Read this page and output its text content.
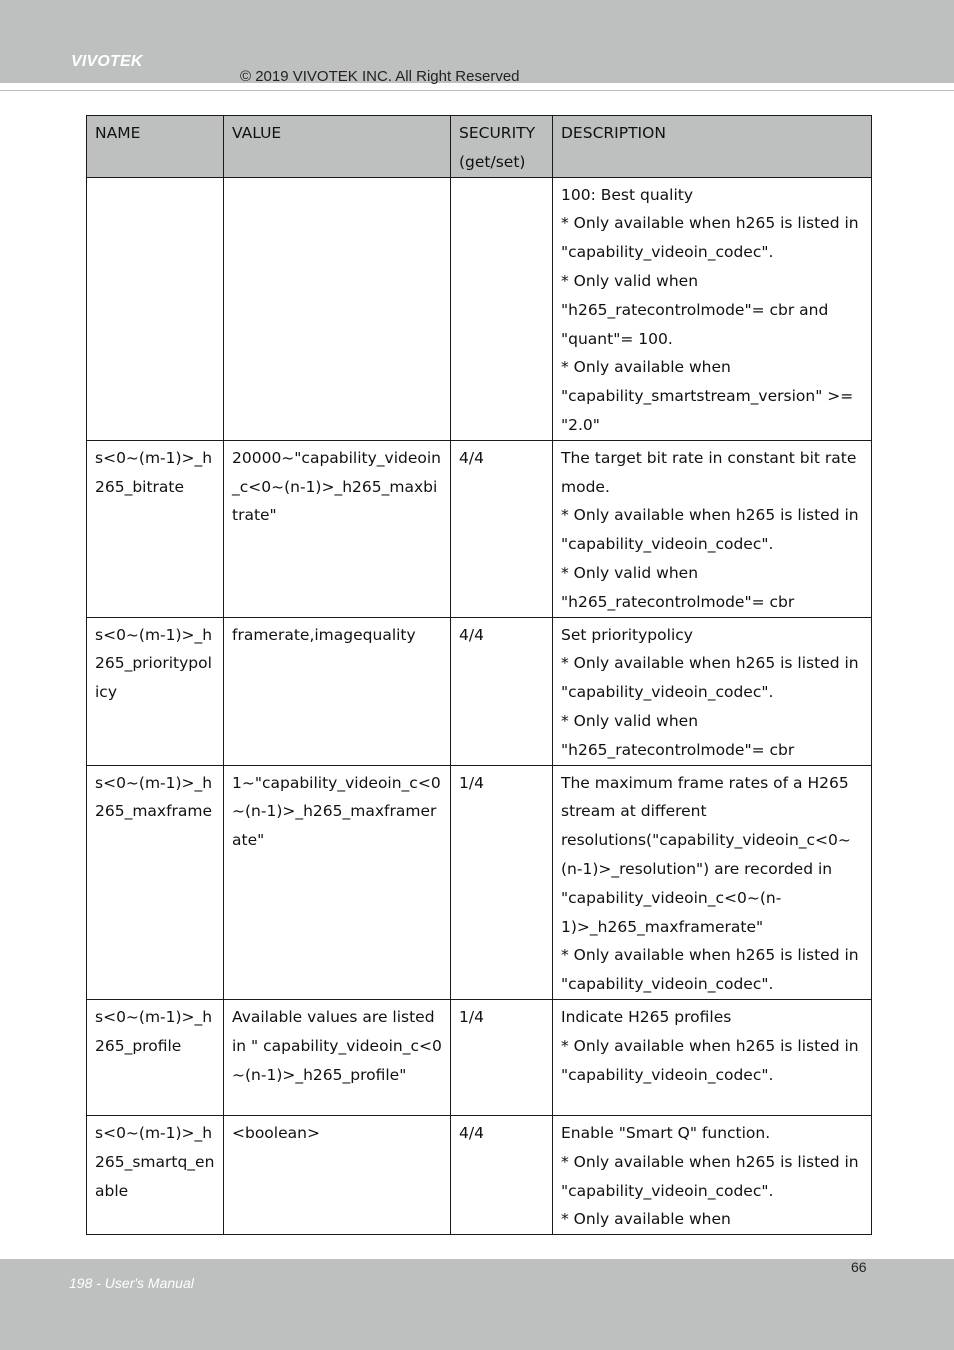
VIVOTEK
© 2019 VIVOTEK INC. All Right Reserved
NAME	VALUE	SECURITY(get/set)	DESCRIPTION

			100: Best quality
* Only available when h265 is listed in "capability_videoin_codec".
* Only valid when "h265_ratecontrolmode"= cbr and "quant"= 100.
* Only available when "capability_smartstream_version" >= "2.0"

s<0~(m-1)>_h265_bitrate	20000~"capability_videoin_c<0~(n-1)>_h265_maxbitrate"	4/4	The target bit rate in constant bit rate mode.
* Only available when h265 is listed in "capability_videoin_codec".
* Only valid when "h265_ratecontrolmode"= cbr

s<0~(m-1)>_h265_prioritypolicy	framerate,imagequality	4/4	Set prioritypolicy
* Only available when h265 is listed in "capability_videoin_codec".
* Only valid when "h265_ratecontrolmode"= cbr

s<0~(m-1)>_h265_maxframe	1~"capability_videoin_c<0~(n-1)>_h265_maxframerate"	1/4	The maximum frame rates of a H265 stream at different resolutions("capability_videoin_c<0~(n-1)>_resolution") are recorded in "capability_videoin_c<0~(n-1)>_h265_maxframerate"
* Only available when h265 is listed in "capability_videoin_codec".

s<0~(m-1)>_h265_profile	Available values are listed in " capability_videoin_c<0~(n-1)>_h265_profile"	1/4	Indicate H265 profiles
* Only available when h265 is listed in "capability_videoin_codec".

s<0~(m-1)>_h265_smartq_enable	<boolean>	4/4	Enable "Smart Q" function.
* Only available when h265 is listed in "capability_videoin_codec".
* Only available when
66
198 - User's Manual
